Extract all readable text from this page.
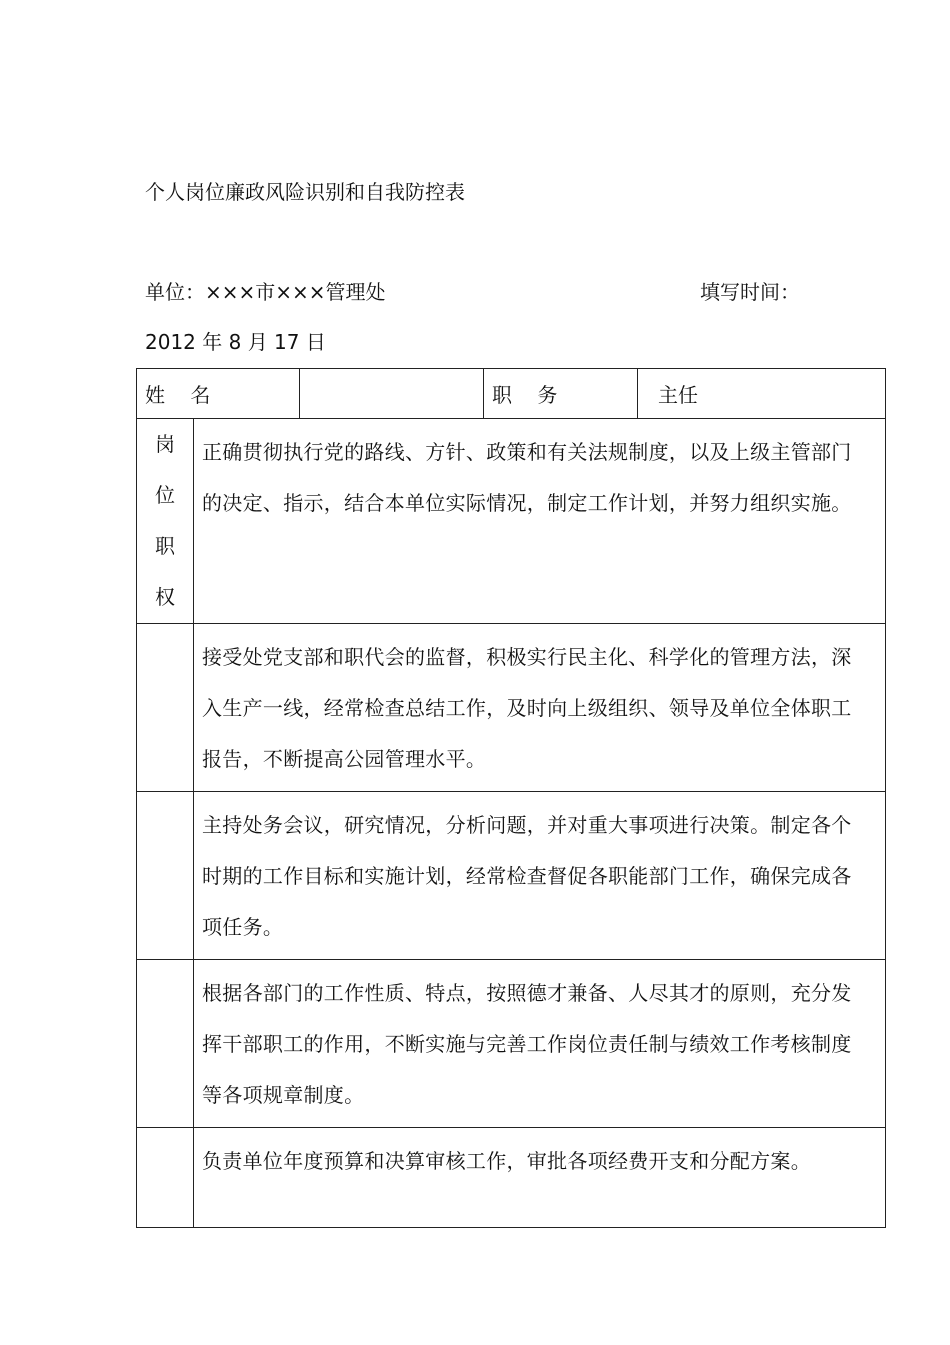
个人岗位廉政风险识别和自我防控表
单位：×××市×××管理处	填写时间：
2012 年 8 月 17 日
姓    名			职    务	主任

岗
位
职
权	正确贯彻执行党的路线、方针、政策和有关法规制度，以及上级主管部门的决定、指示，结合本单位实际情况，制定工作计划，并努力组织实施。			
	接受处党支部和职代会的监督，积极实行民主化、科学化的管理方法，深入生产一线，经常检查总结工作，及时向上级组织、领导及单位全体职工报告，不断提高公园管理水平。			
	主持处务会议，研究情况，分析问题，并对重大事项进行决策。制定各个时期的工作目标和实施计划，经常检查督促各职能部门工作，确保完成各项任务。			
	根据各部门的工作性质、特点，按照德才兼备、人尽其才的原则，充分发挥干部职工的作用，不断实施与完善工作岗位责任制与绩效工作考核制度等各项规章制度。			
	负责单位年度预算和决算审核工作，审批各项经费开支和分配方案。			
